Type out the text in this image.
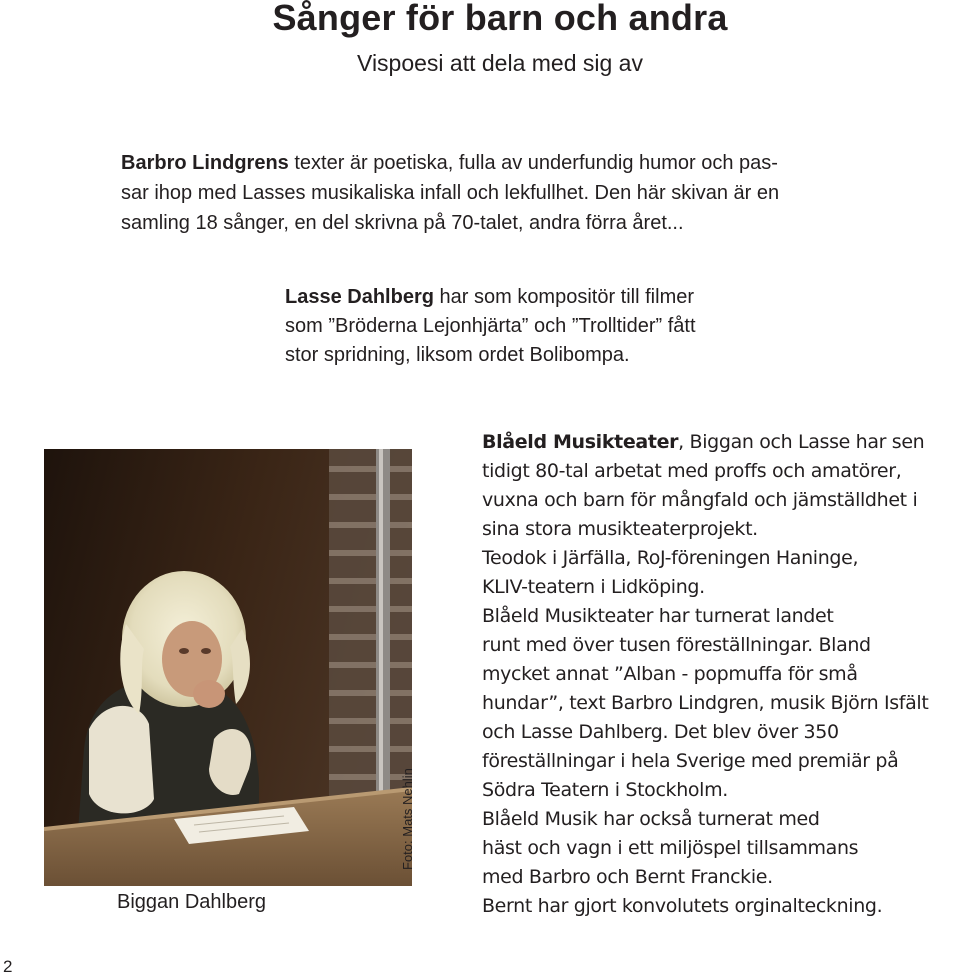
Sånger för barn och andra
Vispoesi att dela med sig av
Barbro Lindgrens texter är poetiska, fulla av underfundig humor och pas-
sar ihop med Lasses musikaliska infall och lekfullhet. Den här skivan är en
samling 18 sånger, en del skrivna på 70-talet, andra förra året...
Lasse Dahlberg har som kompositör till filmer
som ”Bröderna Lejonhjärta” och ”Trolltider” fått
stor spridning, liksom ordet Bolibompa.
Blåeld Musikteater, Biggan och Lasse har sen
tidigt 80-tal arbetat med proffs och amatörer,
vuxna och barn för mångfald och jämställdhet i
sina stora musikteaterprojekt.
Teodok i Järfälla, RoJ-föreningen Haninge,
KLIV-teatern i Lidköping.
Blåeld Musikteater har turnerat landet
runt med över tusen föreställningar. Bland
mycket annat ”Alban - popmuffa för små
hundar”, text Barbro Lindgren, musik Björn Isfält
och Lasse Dahlberg. Det blev över 350
föreställningar i hela Sverige med premiär på
Södra Teatern i Stockholm.
Blåeld Musik har också turnerat med
häst och vagn i ett miljöspel tillsammans
med Barbro och Bernt Franckie.
Bernt har gjort konvolutets orginalteckning.
Foto: Mats Nehlin
Biggan Dahlberg
2
